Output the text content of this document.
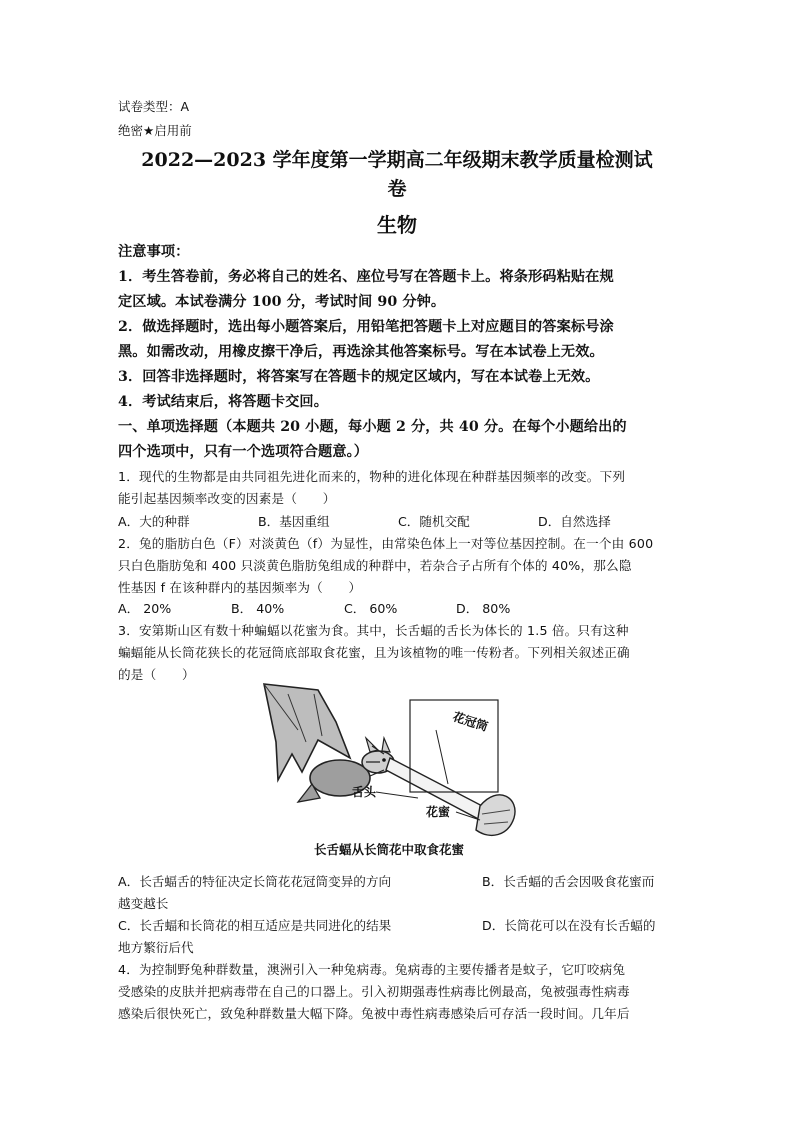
试卷类型：A
绝密★启用前
2022—2023 学年度第一学期高二年级期末教学质量检测试
卷
生物
注意事项：
1．考生答卷前，务必将自己的姓名、座位号写在答题卡上。将条形码粘贴在规
定区域。本试卷满分 100 分，考试时间 90 分钟。
2．做选择题时，选出每小题答案后，用铅笔把答题卡上对应题目的答案标号涂
黑。如需改动，用橡皮擦干净后，再选涂其他答案标号。写在本试卷上无效。
3．回答非选择题时，将答案写在答题卡的规定区域内，写在本试卷上无效。
4．考试结束后，将答题卡交回。
一、单项选择题（本题共 20 小题，每小题 2 分，共 40 分。在每个小题给出的
四个选项中，只有一个选项符合题意。）
1．现代的生物都是由共同祖先进化而来的，物种的进化体现在种群基因频率的改变。下列
能引起基因频率改变的因素是（　　）
A．大的种群	B．基因重组	C．随机交配	D．自然选择
2．兔的脂肪白色（F）对淡黄色（f）为显性，由常染色体上一对等位基因控制。在一个由 600
只白色脂肪兔和 400 只淡黄色脂肪兔组成的种群中，若杂合子占所有个体的 40%，那么隐
性基因 f 在该种群内的基因频率为（　　）
A． 20%	B． 40%	C． 60%	D． 80%
3．安第斯山区有数十种蝙蝠以花蜜为食。其中，长舌蝠的舌长为体长的 1.5 倍。只有这种
蝙蝠能从长筒花狭长的花冠筒底部取食花蜜，且为该植物的唯一传粉者。下列相关叙述正确
的是（　　）
花冠筒
舌头
花蜜
长舌蝠从长筒花中取食花蜜
A．长舌蝠舌的特征决定长筒花花冠筒变异的方向	B．长舌蝠的舌会因吸食花蜜而
越变越长
C．长舌蝠和长筒花的相互适应是共同进化的结果	D．长筒花可以在没有长舌蝠的
地方繁衍后代
4．为控制野兔种群数量，澳洲引入一种兔病毒。兔病毒的主要传播者是蚊子，它叮咬病兔
受感染的皮肤并把病毒带在自己的口器上。引入初期强毒性病毒比例最高，兔被强毒性病毒
感染后很快死亡，致兔种群数量大幅下降。兔被中毒性病毒感染后可存活一段时间。几年后
